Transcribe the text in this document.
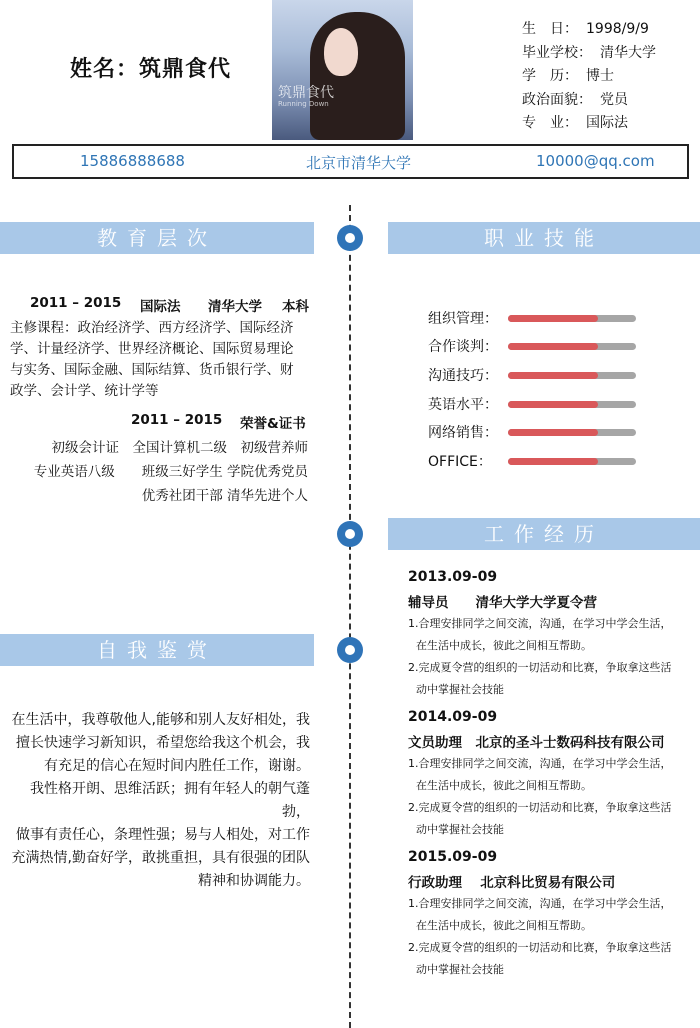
姓名：筑鼎食代
筑鼎食代
Running Down
生　日： 1998/9/9
毕业学校： 清华大学
学　历： 博士
政治面貌： 党员
专　业： 国际法
15886888688	北京市清华大学	10000@qq.com
教育层次	职业技能
工作经历
自我鉴赏
2011 – 2015 国际法 清华大学 本科
主修课程：政治经济学、西方经济学、国际经济
学、计量经济学、世界经济概论、国际贸易理论
与实务、国际金融、国际结算、货币银行学、财
政学、会计学、统计学等
2011 – 2015 荣誉&证书
初级会计证　全国计算机二级　初级营养师
专业英语八级　　班级三好学生 学院优秀党员
优秀社团干部 清华先进个人
组织管理：
合作谈判：
沟通技巧：
英语水平：
网络销售：
OFFICE：
2013.09-09
辅导员　　清华大学大学夏令营
1.合理安排同学之间交流，沟通，在学习中学会生活，
在生活中成长，彼此之间相互帮助。
2.完成夏令营的组织的一切活动和比赛，争取拿这些活
动中掌握社会技能
2014.09-09
文员助理　北京的圣斗士数码科技有限公司
1.合理安排同学之间交流，沟通，在学习中学会生活，
在生活中成长，彼此之间相互帮助。
2.完成夏令营的组织的一切活动和比赛，争取拿这些活
动中掌握社会技能
2015.09-09
行政助理　 北京科比贸易有限公司
1.合理安排同学之间交流，沟通，在学习中学会生活，
在生活中成长，彼此之间相互帮助。
2.完成夏令营的组织的一切活动和比赛，争取拿这些活
动中掌握社会技能
在生活中，我尊敬他人,能够和别人友好相处，我
擅长快速学习新知识，希望您给我这个机会，我
有充足的信心在短时间内胜任工作，谢谢。
我性格开朗、思维活跃；拥有年轻人的朝气蓬勃，
做事有责任心，条理性强；易与人相处，对工作
充满热情,勤奋好学，敢挑重担，具有很强的团队
精神和协调能力。
